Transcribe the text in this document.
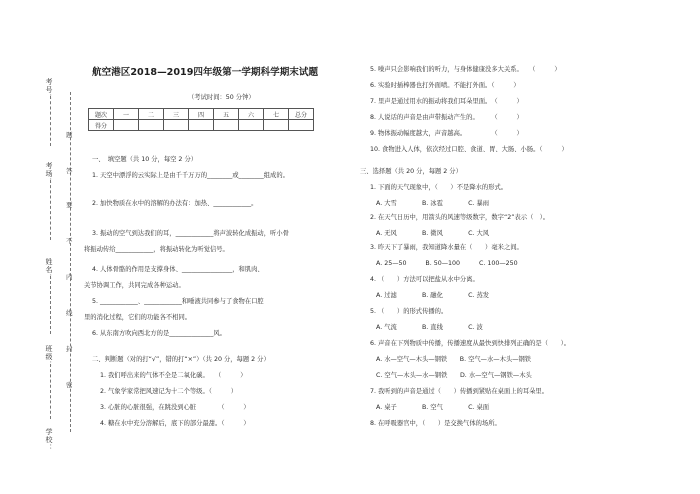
考号：
考场：
姓名：
班级：
学校：
题
答
要
不
内
线
封
密
航空港区2018—2019四年级第一学期科学期末试题
（考试时间：50 分钟）
题次	一	二	三	四	五	六	七	总分
得分								
一、　填空题（共 10 分，每空 2 分）
1. 天空中漂浮的云实际上是由千千万万的________或________组成的。
2. 加快物质在水中的溶解的办法有：加热、____________。
3. 振动的空气到达我们的耳，____________将声波转化成振动，听小骨
将振动传给____________，将振动转化为听觉信号。
4. 人体骨骼的作用是支撑身体、________________，和肌肉、
关节协调工作，共同完成各种运动。
5. ____________、____________和唾液共同参与了食物在口腔
里的消化过程，它们的功能各不相同。
6. 从东南方吹向西北方的是______________风。
二、判断题（对的打“√”，错的打“×”）（共 20 分，每题 2 分）
1. 我们呼出来的气体不全是二氧化碳。　　（　　　）
2. 气象学家常把风速记为十二个等级。（　　　）
3. 心脏的心脏很强，在跳没到心脏　　　　（　　　）
4. 糖在水中充分溶解后，底下的部分最甜。（　　　）
5. 噪声只会影响我们的听力，与身体健康没多大关系。　　（　　　）
6. 实验时插棒器也打外面喷。不能打外面。（　　　）
7. 里声是通过用水的振动将我们耳朵里面。　（　　　）
8. 人说话的声音是由声带振动产生的。　　　（　　　）
9. 物体振动幅度越大，声音越高。　　　　　（　　　）
10. 食物进入人体，依次经过口腔、食道、胃、大肠、小肠。（　　　）
三、选择题（共 20 分，每题 2 分）
1. 下面的天气现象中，（　　）不是降水的形式。
A. 大雪　　　　B. 冰雹　　　　C. 暴雨
2. 在天气日历中，用箭头的风速等级数字，数字“2”表示（　）。
A. 无风　　　　B. 微风　　　　C. 大风
3. 昨天下了暴雨，我知道降水量在（　　）毫米之间。
A. 25—50　　　B. 50—100　　　C. 100—250
4. （　　）方法可以把盐从水中分离。
A. 过滤　　　　B. 融化　　　　C. 蒸发
5. （　　）的形式传播的。
A. 气流　　　　B. 直线　　　　C. 波
6. 声音在下列物质中传播，传播速度从最快到快排列正确的是（　　）。
A. 水—空气—木头—钢铁　　B. 空气—水—木头—钢铁
C. 空气—木头—水—钢铁　　D. 水—空气—钢铁—木头
7. 我听到的声音是通过（　　）传播到紧贴在桌面上的耳朵里。
A. 桌子　　　　B. 空气　　　　C. 桌面
8. 在呼吸器官中，（　　）是交换气体的场所。
